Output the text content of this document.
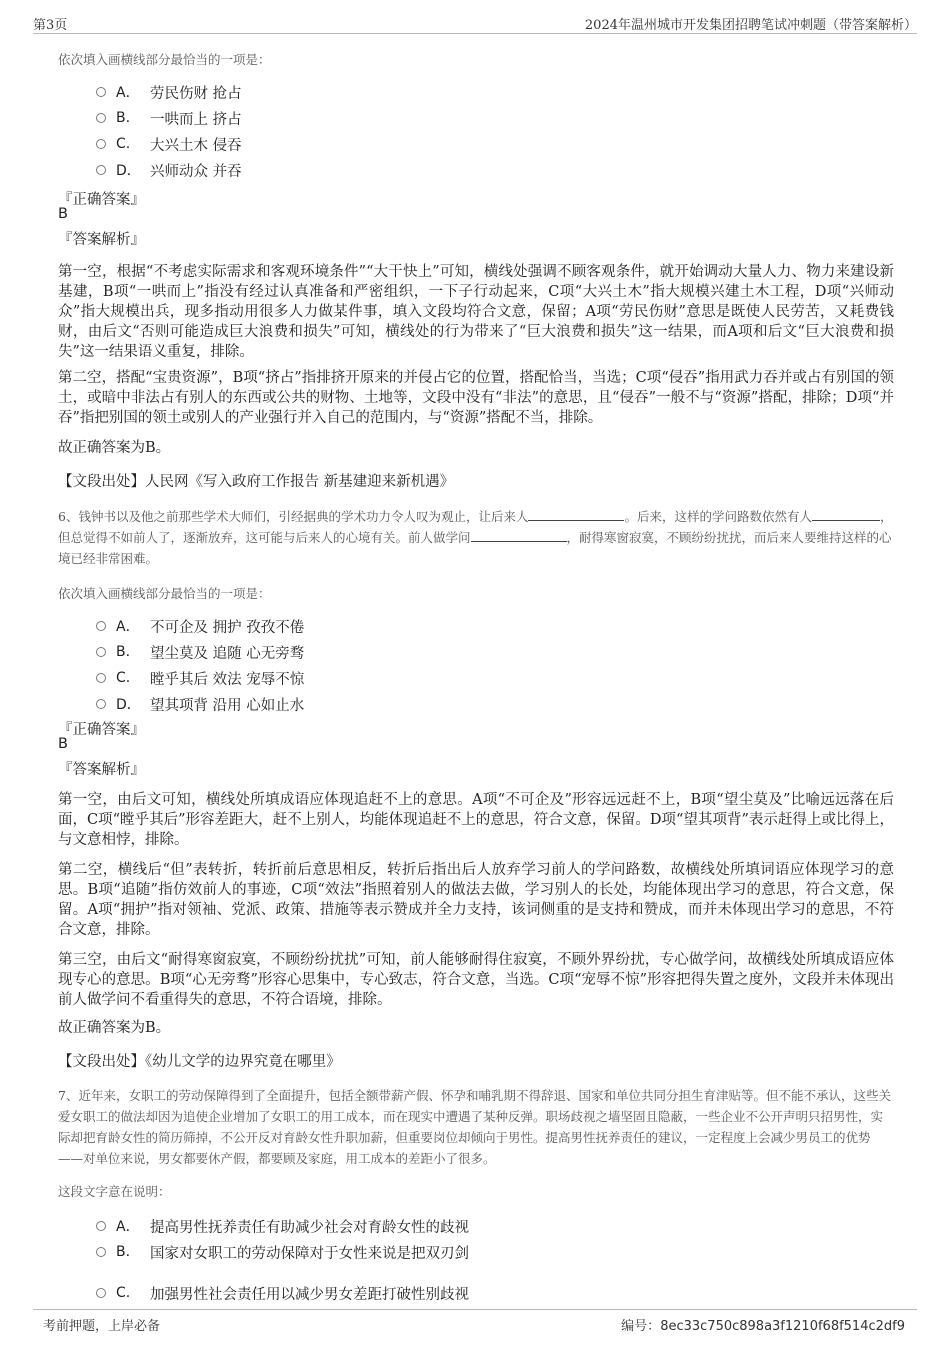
第3页	2024年温州城市开发集团招聘笔试冲刺题（带答案解析）
依次填入画横线部分最恰当的一项是：
A． 劳民伤财 抢占
B.	一哄而上 挤占
C.	大兴土木 侵吞
D． 兴师动众 并吞
『正确答案』
B
『答案解析』
第一空，根据“不考虑实际需求和客观环境条件”“大干快上”可知，横线处强调不顾客观条件，就开始调动大量人力、物力来建设新基建，B项“一哄而上”指没有经过认真准备和严密组织，一下子行动起来，C项“大兴土木”指大规模兴建土木工程，D项“兴师动众”指大规模出兵，现多指动用很多人力做某件事，填入文段均符合文意，保留；A项“劳民伤财”意思是既使人民劳苦，又耗费钱财，由后文“否则可能造成巨大浪费和损失”可知，横线处的行为带来了“巨大浪费和损失”这一结果，而A项和后文“巨大浪费和损失”这一结果语义重复，排除。
第二空，搭配“宝贵资源”，B项“挤占”指排挤开原来的并侵占它的位置，搭配恰当，当选；C项“侵吞”指用武力吞并或占有别国的领土，或暗中非法占有别人的东西或公共的财物、土地等，文段中没有“非法”的意思，且“侵吞”一般不与“资源”搭配，排除；D项“并吞”指把别国的领土或别人的产业强行并入自己的范围内，与“资源”搭配不当，排除。
故正确答案为B。
【文段出处】人民网《写入政府工作报告 新基建迎来新机遇》
6、钱钟书以及他之前那些学术大师们，引经据典的学术功力令人叹为观止，让后来人	。后来，这样的学问路数依然有人	，但总觉得不如前人了，逐渐放弃，这可能与后来人的心境有关。前人做学问	，耐得寒窗寂寞，不顾纷纷扰扰，而后来人要维持这样的心境已经非常困难。
依次填入画横线部分最恰当的一项是：
A． 不可企及 拥护 孜孜不倦
B.	望尘莫及 追随 心无旁骛
C.	瞠乎其后 效法 宠辱不惊
D． 望其项背 沿用 心如止水
『正确答案』
B
『答案解析』
第一空，由后文可知，横线处所填成语应体现追赶不上的意思。A项“不可企及”形容远远赶不上，B项“望尘莫及”比喻远远落在后面，C项“瞠乎其后”形容差距大，赶不上别人，均能体现追赶不上的意思，符合文意，保留。D项“望其项背”表示赶得上或比得上，与文意相悖，排除。
第二空，横线后“但”表转折，转折前后意思相反，转折后指出后人放弃学习前人的学问路数，故横线处所填词语应体现学习的意思。B项“追随”指仿效前人的事迹，C项“效法”指照着别人的做法去做，学习别人的长处，均能体现出学习的意思，符合文意，保留。A项“拥护”指对领袖、党派、政策、措施等表示赞成并全力支持，该词侧重的是支持和赞成，而并未体现出学习的意思，不符合文意，排除。
第三空，由后文“耐得寒窗寂寞，不顾纷纷扰扰”可知，前人能够耐得住寂寞，不顾外界纷扰，专心做学问，故横线处所填成语应体现专心的意思。B项“心无旁骛”形容心思集中，专心致志，符合文意，当选。C项“宠辱不惊”形容把得失置之度外，文段并未体现出前人做学问不看重得失的意思，不符合语境，排除。
故正确答案为B。
【文段出处】《幼儿文学的边界究竟在哪里》
7、近年来，女职工的劳动保障得到了全面提升，包括全额带薪产假、怀孕和哺乳期不得辞退、国家和单位共同分担生育津贴等。但不能不承认，这些关爱女职工的做法却因为追使企业增加了女职工的用工成本，而在现实中遭遇了某种反弹。职场歧视之墙坚固且隐蔽，一些企业不公开声明只招男性，实际却把育龄女性的简历筛掉，不公开反对育龄女性升职加薪，但重要岗位却倾向于男性。提高男性抚养责任的建议，一定程度上会减少男员工的优势——对单位来说，男女都要休产假，都要顾及家庭，用工成本的差距小了很多。
这段文字意在说明：
A． 提高男性抚养责任有助减少社会对育龄女性的歧视
B.	国家对女职工的劳动保障对于女性来说是把双刃剑
C.	加强男性社会责任用以减少男女差距打破性别歧视
考前押题，上岸必备	编号：8ec33c750c898a3f1210f68f514c2df9
